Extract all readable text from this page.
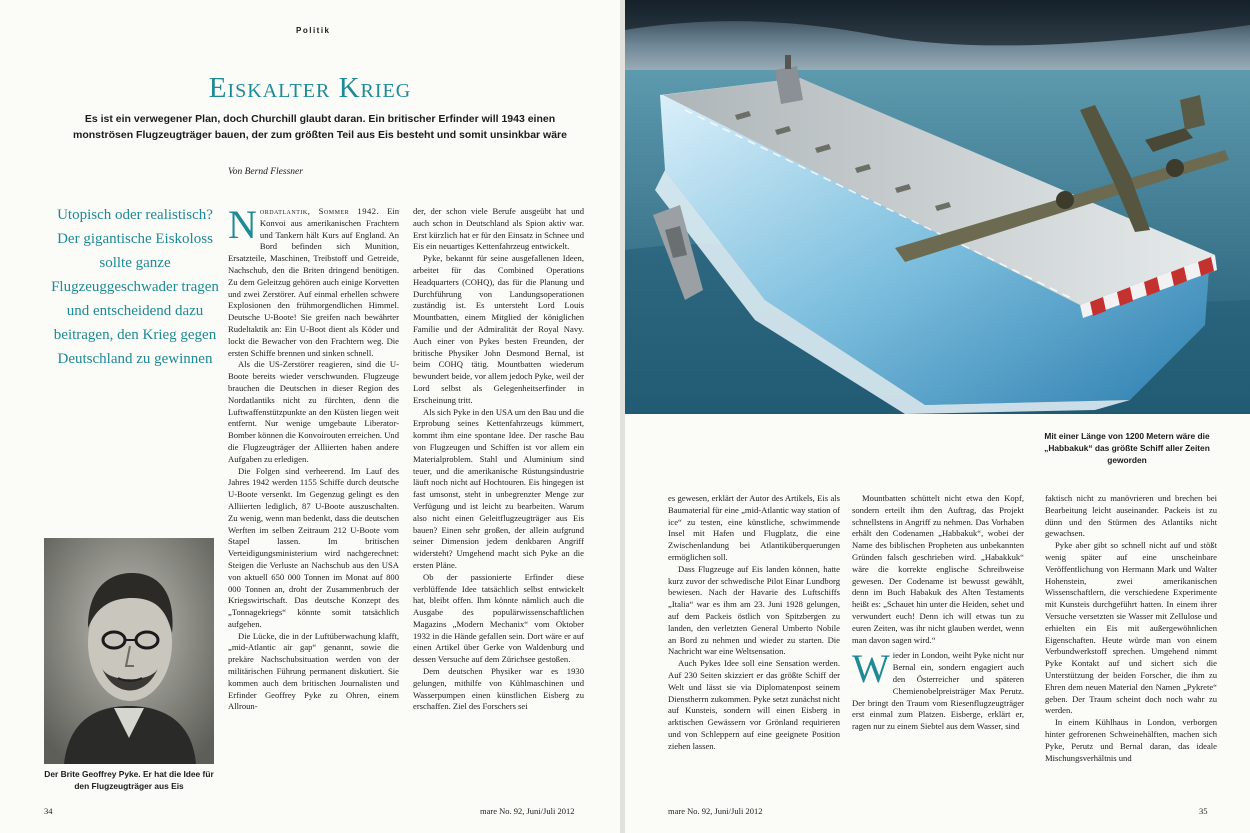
Politik
Eiskalter Krieg

Es ist ein verwegener Plan, doch Churchill glaubt daran. Ein britischer Erfinder will 1943 einen monströsen Flugzeugträger bauen, der zum größten Teil aus Eis besteht und somit unsinkbar wäre

Von Bernd Flessner
Utopisch oder realistisch? Der gigantische Eiskoloss sollte ganze Flugzeuggeschwader tragen und entscheidend dazu beitragen, den Krieg gegen Deutschland zu gewinnen

Nordatlantik, Sommer 1942. Ein Konvoi aus amerikanischen Frachtern und Tankern hält Kurs auf England. An Bord befinden sich Munition, Ersatzteile, Maschinen, Treibstoff und Getreide, Nachschub, den die Briten dringend benötigen. Zu dem Geleitzug gehören auch einige Korvetten und zwei Zerstörer. Auf einmal erhellen schwere Explosionen den frühmorgendlichen Himmel. Deutsche U-Boote! Sie greifen nach bewährter Rudeltaktik an: Ein U-Boot dient als Köder und lockt die Bewacher von den Frachtern weg. Die ersten Schiffe brennen und sinken schnell.

Als die US-Zerstörer reagieren, sind die U-Boote bereits wieder verschwunden. Flugzeuge brauchen die Deutschen in dieser Region des Nordatlantiks nicht zu fürchten, denn die Luftwaffenstützpunkte an den Küsten liegen weit entfernt. Nur wenige umgebaute Liberator-Bomber können die Konvoirouten erreichen. Und die Flugzeugträger der Alliierten haben andere Aufgaben zu erledigen.

Die Folgen sind verheerend. Im Lauf des Jahres 1942 werden 1155 Schiffe durch deutsche U-Boote versenkt. Im Gegenzug gelingt es den Alliierten lediglich, 87 U-Boote auszuschalten. Zu wenig, wenn man bedenkt, dass die deutschen Werften im selben Zeitraum 212 U-Boote vom Stapel lassen. Im britischen Verteidigungsministerium wird nachgerechnet: Steigen die Verluste an Nachschub aus den USA von aktuell 650 000 Tonnen im Monat auf 800 000 Tonnen an, droht der Zusammenbruch der Kriegswirtschaft. Das deutsche Konzept des „Tonnagekriegs“ könnte somit tatsächlich aufgehen.

Die Lücke, die in der Luftüberwachung klafft, „mid-Atlantic air gap“ genannt, sowie die prekäre Nachschubsituation werden von der militärischen Führung permanent diskutiert. Sie kommen auch dem britischen Journalisten und Erfinder Geoffrey Pyke zu Ohren, einem Allroun-

der, der schon viele Berufe ausgeübt hat und auch schon in Deutschland als Spion aktiv war. Erst kürzlich hat er für den Einsatz in Schnee und Eis ein neuartiges Kettenfahrzeug entwickelt.

Pyke, bekannt für seine ausgefallenen Ideen, arbeitet für das Combined Operations Headquarters (COHQ), das für die Planung und Durchführung von Landungsoperationen zuständig ist. Es untersteht Lord Louis Mountbatten, einem Mitglied der königlichen Familie und der Admiralität der Royal Navy. Auch einer von Pykes besten Freunden, der britische Physiker John Desmond Bernal, ist beim COHQ tätig. Mountbatten wiederum bewundert beide, vor allem jedoch Pyke, weil der Lord selbst als Gelegenheitserfinder in Erscheinung tritt.

Als sich Pyke in den USA um den Bau und die Erprobung seines Kettenfahrzeugs kümmert, kommt ihm eine spontane Idee. Der rasche Bau von Flugzeugen und Schiffen ist vor allem ein Materialproblem. Stahl und Aluminium sind teuer, und die amerikanische Rüstungsindustrie läuft noch nicht auf Hochtouren. Eis hingegen ist fast umsonst, steht in unbegrenzter Menge zur Verfügung und ist leicht zu bearbeiten. Warum also nicht einen Geleitflugzeugträger aus Eis bauen? Einen sehr großen, der allein aufgrund seiner Dimension jedem denkbaren Angriff widersteht? Umgehend macht sich Pyke an die ersten Pläne.

Ob der passionierte Erfinder diese verblüffende Idee tatsächlich selbst entwickelt hat, bleibt offen. Ihm könnte nämlich auch die Ausgabe des populärwissenschaftlichen Magazins „Modern Mechanix“ vom Oktober 1932 in die Hände gefallen sein. Dort wäre er auf einen Artikel über Gerke von Waldenburg und dessen Versuche auf dem Zürichsee gestoßen.

Dem deutschen Physiker war es 1930 gelungen, mithilfe von Kühlmaschinen und Wasserpumpen einen künstlichen Eisberg zu erschaffen. Ziel des Forschers sei

Der Brite Geoffrey Pyke. Er hat die Idee für den Flugzeugträger aus Eis
34	mare No. 92, Juni/Juli 2012
Mit einer Länge von 1200 Metern wäre die „Habbakuk“ das größte Schiff aller Zeiten geworden

es gewesen, erklärt der Autor des Artikels, Eis als Baumaterial für eine „mid-Atlantic way station of ice“ zu testen, eine künstliche, schwimmende Insel mit Hafen und Flugplatz, die eine Zwischenlandung bei Atlantiküberquerungen ermöglichen soll.

Dass Flugzeuge auf Eis landen können, hatte kurz zuvor der schwedische Pilot Einar Lundborg bewiesen. Nach der Havarie des Luftschiffs „Italia“ war es ihm am 23. Juni 1928 gelungen, auf dem Packeis östlich von Spitzbergen zu landen, den verletzten General Umberto Nobile an Bord zu nehmen und wieder zu starten. Die Nachricht war eine Weltsensation.

Auch Pykes Idee soll eine Sensation werden. Auf 230 Seiten skizziert er das größte Schiff der Welt und lässt sie via Diplomatenpost seinem Dienstherrn zukommen. Pyke setzt zunächst nicht auf Kunsteis, sondern will einen Eisberg in arktischen Gewässern vor Grönland requirieren und von Schleppern auf eine geeignete Position ziehen lassen.

Mountbatten schüttelt nicht etwa den Kopf, sondern erteilt ihm den Auftrag, das Projekt schnellstens in Angriff zu nehmen. Das Vorhaben erhält den Codenamen „Habbakuk“, wobei der Name des biblischen Propheten aus unbekannten Gründen falsch geschrieben wird. „Habakkuk“ wäre die korrekte englische Schreibweise gewesen. Der Codename ist bewusst gewählt, denn im Buch Habakuk des Alten Testaments heißt es: „Schauet hin unter die Heiden, sehet und verwundert euch! Denn ich will etwas tun zu euren Zeiten, was ihr nicht glauben werdet, wenn man davon sagen wird.“

Wieder in London, weiht Pyke nicht nur Bernal ein, sondern engagiert auch den Österreicher und späteren Chemienobelpreisträger Max Perutz. Der bringt den Traum vom Riesenflugzeugträger erst einmal zum Platzen. Eisberge, erklärt er, ragen nur zu einem Siebtel aus dem Wasser, sind

faktisch nicht zu manövrieren und brechen bei Bearbeitung leicht auseinander. Packeis ist zu dünn und den Stürmen des Atlantiks nicht gewachsen.

Pyke aber gibt so schnell nicht auf und stößt wenig später auf eine unscheinbare Veröffentlichung von Hermann Mark und Walter Hohenstein, zwei amerikanischen Wissenschaftlern, die verschiedene Experimente mit Kunsteis durchgeführt hatten. In einem ihrer Versuche versetzten sie Wasser mit Zellulose und erhielten ein Eis mit außergewöhnlichen Eigenschaften. Heute würde man von einem Verbundwerkstoff sprechen. Umgehend nimmt Pyke Kontakt auf und sichert sich die Unterstützung der beiden Forscher, die ihm zu Ehren dem neuen Material den Namen „Pykrete“ geben. Der Traum scheint doch noch wahr zu werden.

In einem Kühlhaus in London, verborgen hinter gefrorenen Schweinehälften, machen sich Pyke, Perutz und Bernal daran, das ideale Mischungsverhältnis und

mare No. 92, Juni/Juli 2012	35
